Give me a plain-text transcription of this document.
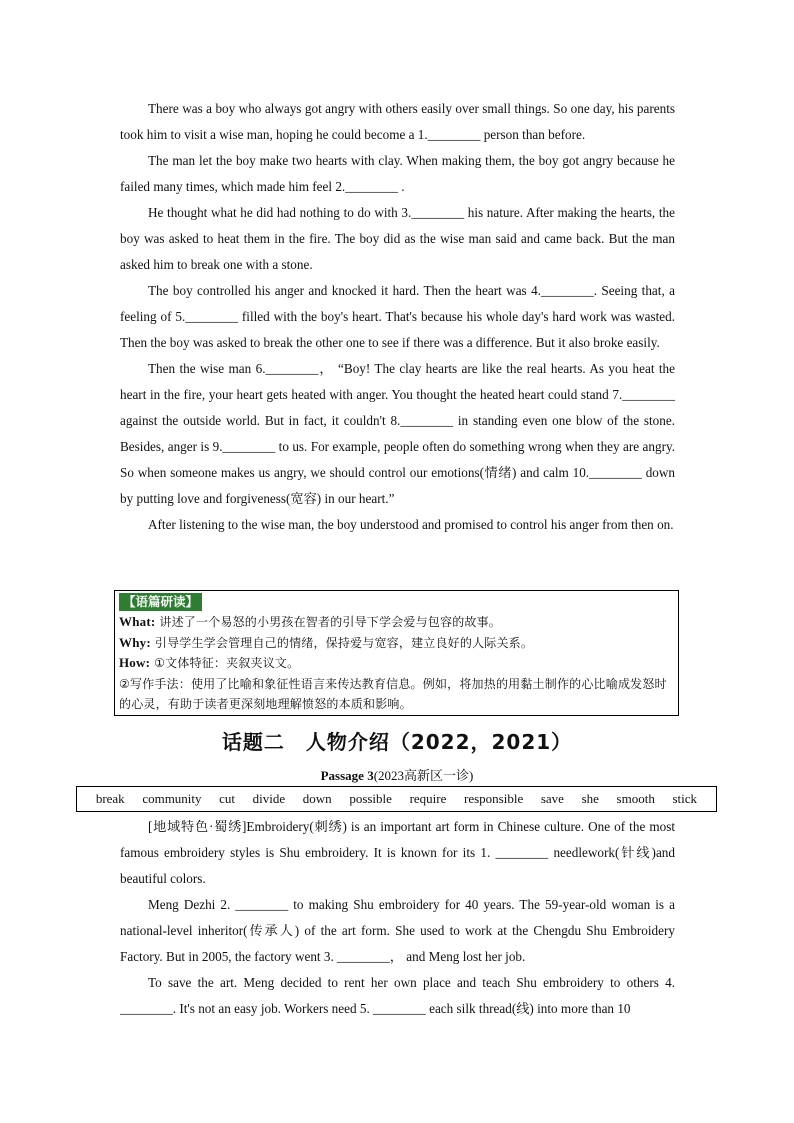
There was a boy who always got angry with others easily over small things. So one day, his parents took him to visit a wise man, hoping he could become a 1.________ person than before.

The man let the boy make two hearts with clay. When making them, the boy got angry because he failed many times, which made him feel 2.________ .

He thought what he did had nothing to do with 3.________ his nature. After making the hearts, the boy was asked to heat them in the fire. The boy did as the wise man said and came back. But the man asked him to break one with a stone.

The boy controlled his anger and knocked it hard. Then the heart was 4.________. Seeing that, a feeling of 5.________ filled with the boy's heart. That's because his whole day's hard work was wasted. Then the boy was asked to break the other one to see if there was a difference. But it also broke easily.

Then the wise man 6.________， “Boy! The clay hearts are like the real hearts. As you heat the heart in the fire, your heart gets heated with anger. You thought the heated heart could stand 7.________ against the outside world. But in fact, it couldn't 8.________ in standing even one blow of the stone. Besides, anger is 9.________ to us. For example, people often do something wrong when they are angry. So when someone makes us angry, we should control our emotions(情绪) and calm 10.________ down by putting love and forgiveness(宽容) in our heart.”

After listening to the wise man, the boy understood and promised to control his anger from then on.

【语篇研读】

What: 讲述了一个易怒的小男孩在智者的引导下学会爱与包容的故事。

Why: 引导学生学会管理自己的情绪，保持爱与宽容，建立良好的人际关系。

How: ①文体特征：夹叙夹议文。

②写作手法：使用了比喻和象征性语言来传达教育信息。例如，将加热的用黏土制作的心比喻成发怒时的心灵，有助于读者更深刻地理解愤怒的本质和影响。

话题二　人物介绍（2022，2021）
Passage 3(2023高新区一诊)
break community cut divide down possible require responsible save she smooth stick

[地域特色·蜀绣]Embroidery(刺绣) is an important art form in Chinese culture. One of the most famous embroidery styles is Shu embroidery. It is known for its 1. ________ needlework(针线)and beautiful colors.

Meng Dezhi 2. ________ to making Shu embroidery for 40 years. The 59-year-old woman is a national-level inheritor(传承人) of the art form. She used to work at the Chengdu Shu Embroidery Factory. But in 2005, the factory went 3. ________， and Meng lost her job.

To save the art. Meng decided to rent her own place and teach Shu embroidery to others 4. ________. It's not an easy job. Workers need 5. ________ each silk thread(线) into more than 10
